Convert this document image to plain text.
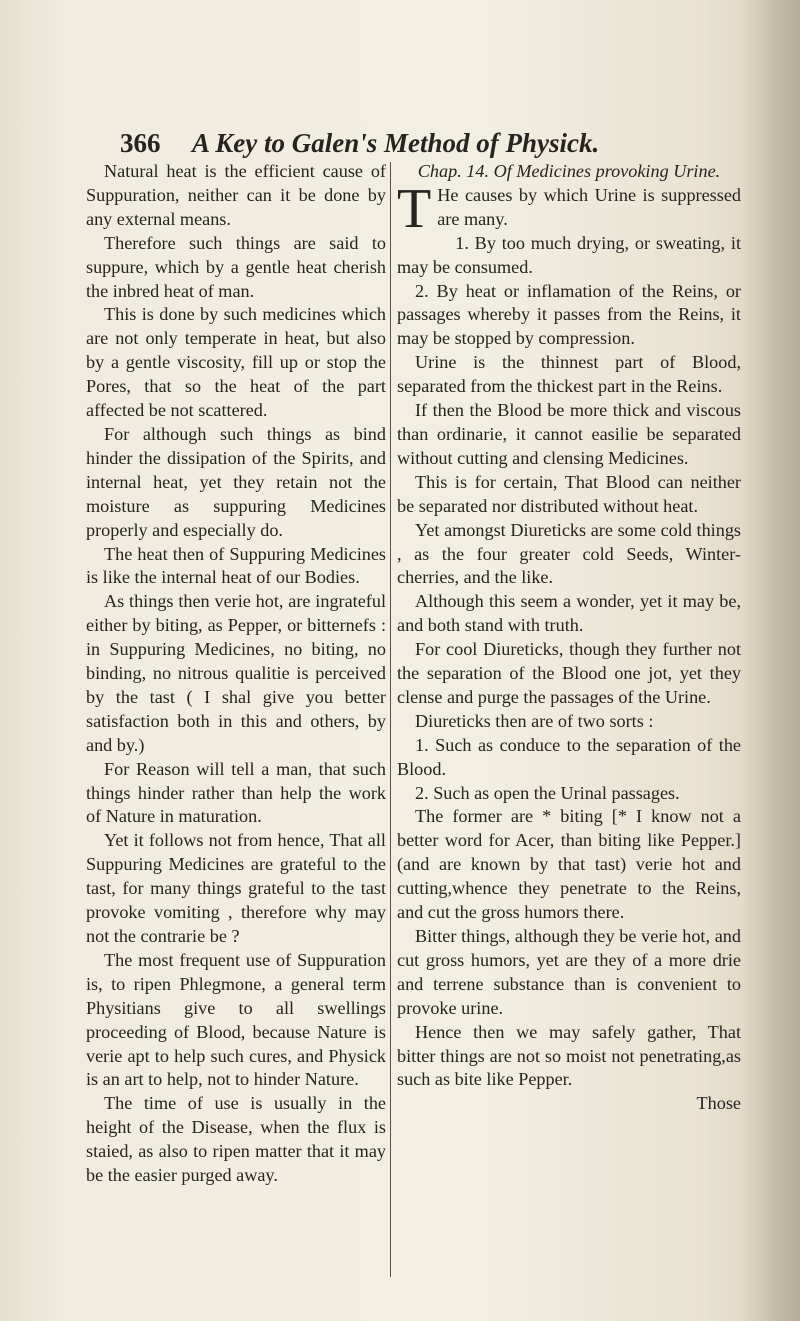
366 A Key to Galen's Method of Physick.

Natural heat is the efficient cause of Suppuration, neither can it be done by any external means.

Therefore such things are said to suppure, which by a gentle heat cherish the inbred heat of man.

This is done by such medicines which are not only temperate in heat, but also by a gentle viscosity, fill up or stop the Pores, that so the heat of the part affected be not scattered.

For although such things as bind hinder the dissipation of the Spirits, and internal heat, yet they retain not the moisture as suppuring Medicines properly and especially do.

The heat then of Suppuring Medicines is like the internal heat of our Bodies.

As things then verie hot, are ingrateful either by biting, as Pepper, or bitternefs : in Suppuring Medicines, no biting, no binding, no nitrous qualitie is perceived by the tast ( I shal give you better satisfaction both in this and others, by and by.)

For Reason will tell a man, that such things hinder rather than help the work of Nature in maturation.

Yet it follows not from hence, That all Suppuring Medicines are grateful to the tast, for many things grateful to the tast provoke vomiting , therefore why may not the contrarie be ?

The most frequent use of Suppuration is, to ripen Phlegmone, a general term Physitians give to all swellings proceeding of Blood, because Nature is verie apt to help such cures, and Physick is an art to help, not to hinder Nature.

The time of use is usually in the height of the Disease, when the flux is staied, as also to ripen matter that it may be the easier purged away.

Chap. 14. Of Medicines provoking Urine.

T He causes by which Urine is suppressed are many.

1. By too much drying, or sweating, it may be consumed.

2. By heat or inflamation of the Reins, or passages whereby it passes from the Reins, it may be stopped by compression.

Urine is the thinnest part of Blood, separated from the thickest part in the Reins.

If then the Blood be more thick and viscous than ordinarie, it cannot easilie be separated without cutting and clensing Medicines.

This is for certain, That Blood can neither be separated nor distributed without heat.

Yet amongst Diureticks are some cold things , as the four greater cold Seeds, Winter-cherries, and the like.

Although this seem a wonder, yet it may be, and both stand with truth.

For cool Diureticks, though they further not the separation of the Blood one jot, yet they clense and purge the passages of the Urine.

Diureticks then are of two sorts :

1. Such as conduce to the separation of the Blood.

2. Such as open the Urinal passages.

The former are * biting [* I know not a better word for Acer, than biting like Pepper.] (and are known by that tast) verie hot and cutting,whence they penetrate to the Reins, and cut the gross humors there.

Bitter things, although they be verie hot, and cut gross humors, yet are they of a more drie and terrene substance than is convenient to provoke urine.

Hence then we may safely gather, That bitter things are not so moist not penetrating,as such as bite like Pepper.

Those
